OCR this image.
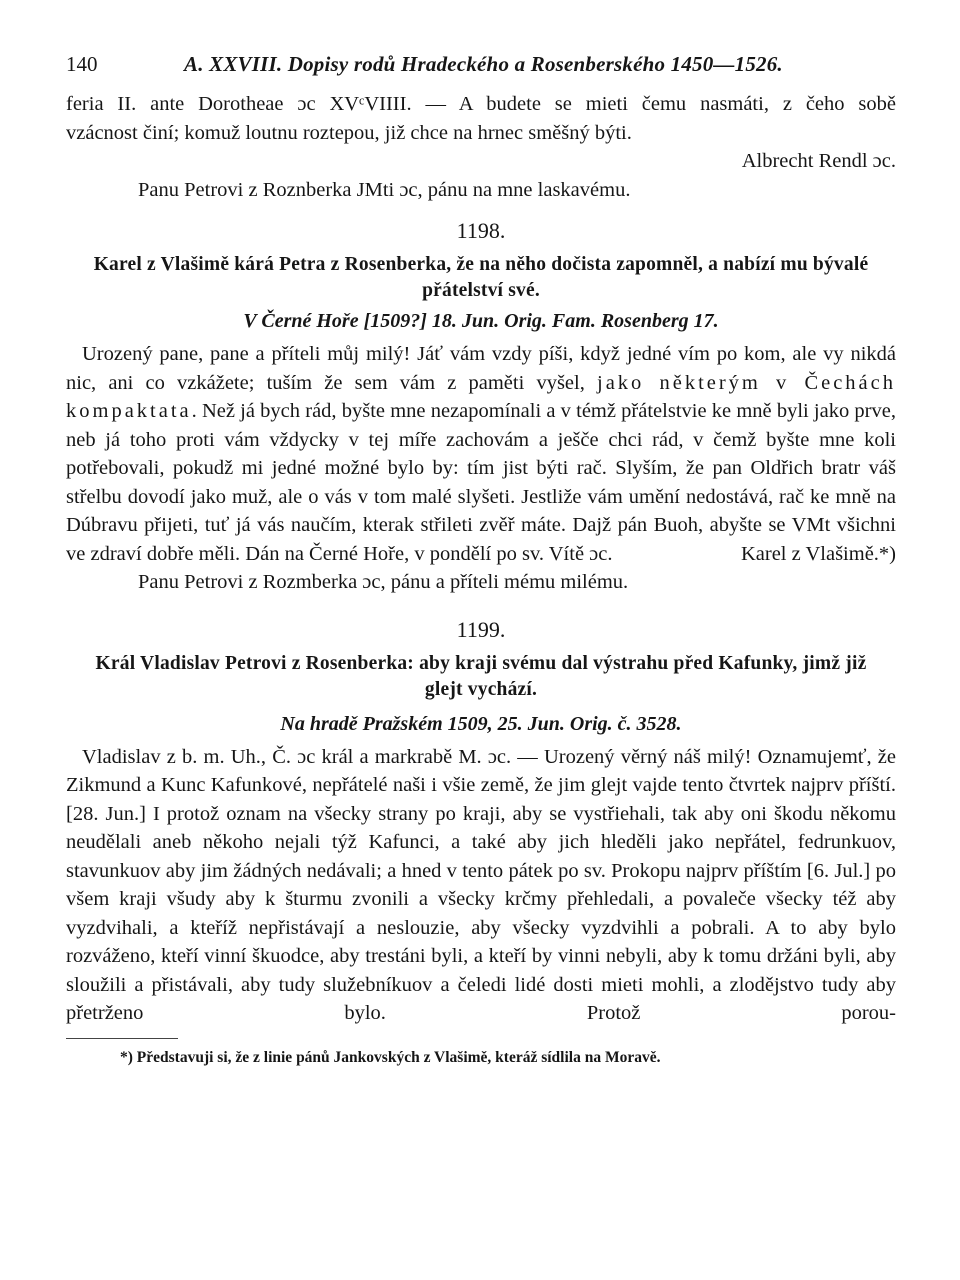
140	A. XXVIII. Dopisy rodů Hradeckého a Rosenberského 1450—1526.
feria II. ante Dorotheae ɔc XVᶜVIIII. — A budete se mieti čemu nasmáti, z čeho sobě
vzácnost činí; komuž loutnu roztepou, již chce na hrnec směšný býti.
Albrecht Rendl ɔc.
Panu Petrovi z Roznberka JMti ɔc, pánu na mne laskavému.
1198.
Karel z Vlašimě kárá Petra z Rosenberka, že na něho dočista zapomněl, a nabízí mu bývalé
přátelství své.
V Černé Hoře [1509?] 18. Jun. Orig. Fam. Rosenberg 17.

Urozený pane, pane a příteli můj milý! Jáť vám vzdy píši, když jedné vím po kom, ale vy nikdá nic, ani co vzkážete; tuším že sem vám z paměti vyšel, jako některým v Čechách kompaktata. Než já bych rád, byšte mne nezapomínali a v témž přátelstvie ke mně byli jako prve, neb já toho proti vám vždycky v tej míře zachovám a ješče chci rád, v čemž byšte mne koli potřebovali, pokudž mi jedné možné bylo by: tím jist býti rač. Slyším, že pan Oldřich bratr váš střelbu dovodí jako muž, ale o vás v tom malé slyšeti. Jestliže vám umění nedostává, rač ke mně na Dúbravu přijeti, tuť já vás naučím, kterak střileti zvěř máte. Dajž pán Buoh, abyšte se VMt všichni ve zdraví dobře měli. Dán na Černé Hoře, v pondělí po sv. Vítě ɔc.	Karel z Vlašimě.*)
Panu Petrovi z Rozmberka ɔc, pánu a příteli mému milému.
1199.
Král Vladislav Petrovi z Rosenberka: aby kraji svému dal výstrahu před Kafunky, jimž již
glejt vychází.
Na hradě Pražském 1509, 25. Jun. Orig. č. 3528.

Vladislav z b. m. Uh., Č. ɔc král a markrabě M. ɔc. — Urozený věrný náš milý! Oznamujemť, že Zikmund a Kunc Kafunkové, nepřátelé naši i všie země, že jim glejt vajde tento čtvrtek najprv příští. [28. Jun.] I protož oznam na všecky strany po kraji, aby se vystřiehali, tak aby oni škodu někomu neudělali aneb někoho nejali týž Kafunci, a také aby jich hleděli jako nepřátel, fedrunkuov, stavunkuov aby jim žádných nedávali; a hned v tento pátek po sv. Prokopu najprv příštím [6. Jul.] po všem kraji všudy aby k šturmu zvonili a všecky krčmy přehledali, a povaleče všecky též aby vyzdvihali, a kteříž nepřistávají a neslouzie, aby všecky vyzdvihli a pobrali. A to aby bylo rozváženo, kteří vinní škuodce, aby trestáni byli, a kteří by vinni nebyli, aby k tomu držáni byli, aby sloužili a přistávali, aby tudy služebníkuov a čeledi lidé dosti mieti mohli, a zlodějstvo tudy aby přetrženo bylo. Protož porou-

*) Představuji si, že z linie pánů Jankovských z Vlašimě, kteráž sídlila na Moravě.
